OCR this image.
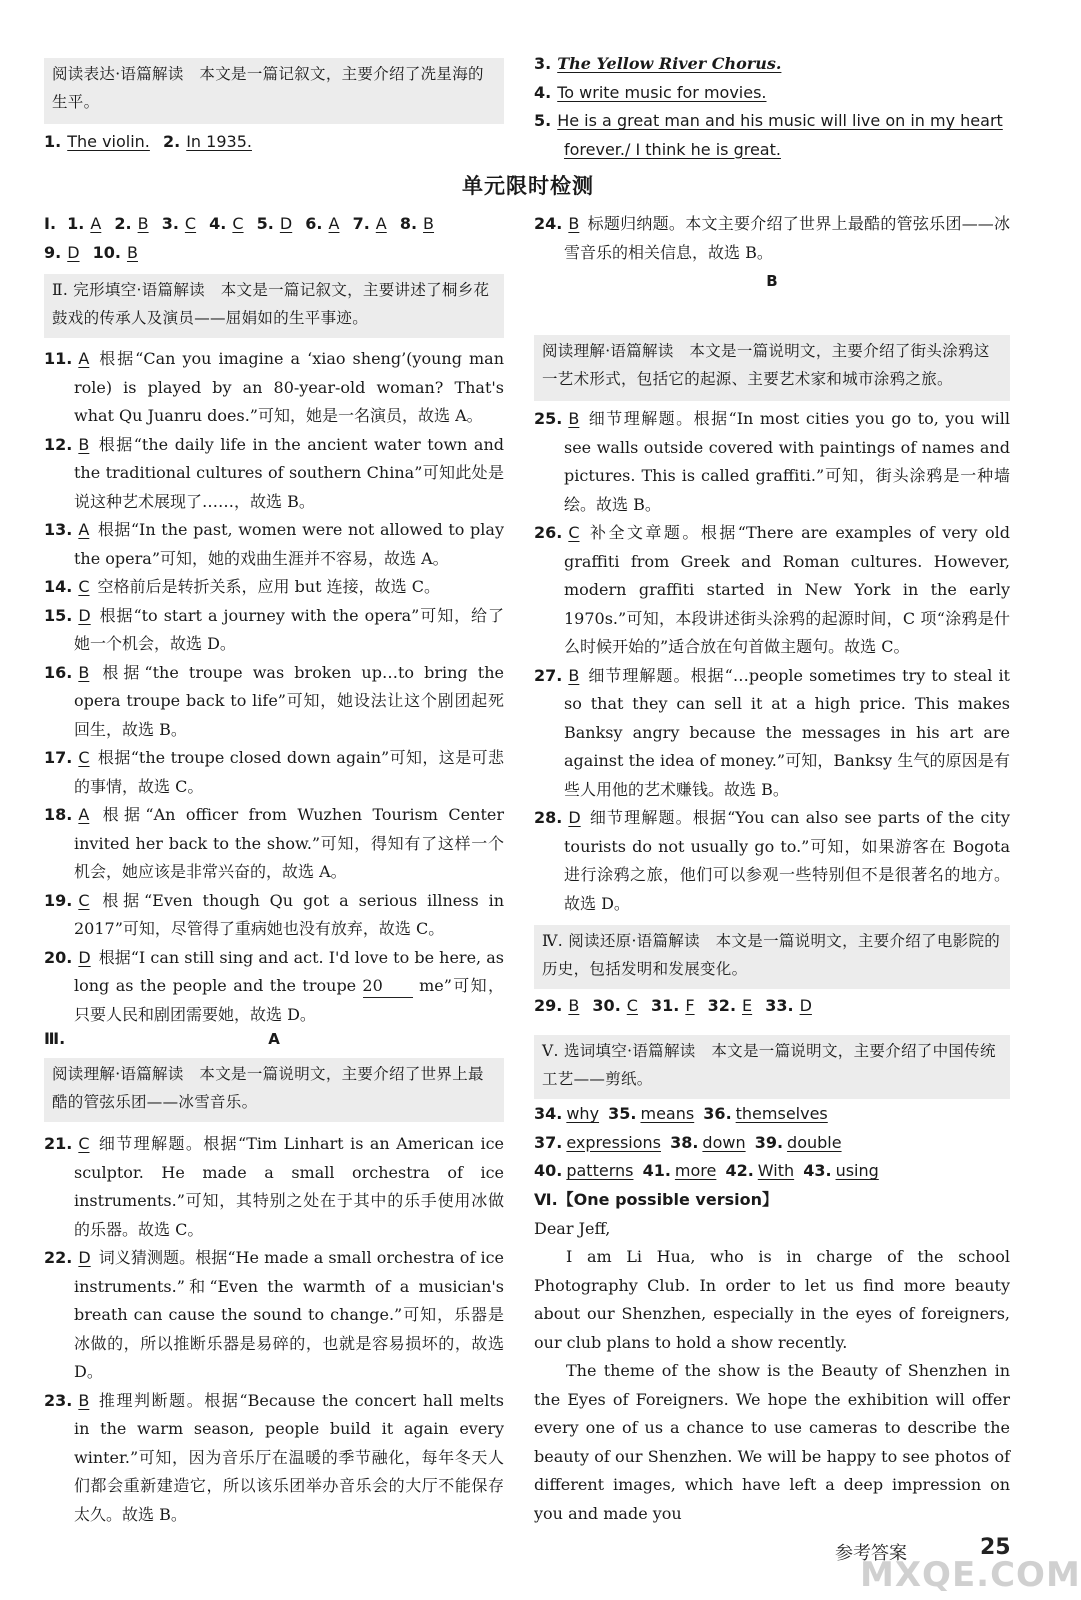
阅读表达·语篇解读　本文是一篇记叙文，主要介绍了冼星海的生平。
1. The violin. 2. In 1935.
Ⅰ. 1. A 2. B 3. C 4. C 5. D 6. A 7. A 8. B
9. D 10. B
Ⅱ. 完形填空·语篇解读　本文是一篇记叙文，主要讲述了桐乡花鼓戏的传承人及演员——屈娟如的生平事迹。
11. A 根据“Can you imagine a ‘xiao sheng’(young man role) is played by an 80-year-old woman? That's what Qu Juanru does.”可知，她是一名演员，故选 A。
12. B 根据“the daily life in the ancient water town and the traditional cultures of southern China”可知此处是说这种艺术展现了……，故选 B。
13. A 根据“In the past, women were not allowed to play the opera”可知，她的戏曲生涯并不容易，故选 A。
14. C 空格前后是转折关系，应用 but 连接，故选 C。
15. D 根据“to start a journey with the opera”可知，给了她一个机会，故选 D。
16. B 根据“the troupe was broken up…to bring the opera troupe back to life”可知，她设法让这个剧团起死回生，故选 B。
17. C 根据“the troupe closed down again”可知，这是可悲的事情，故选 C。
18. A 根据“An officer from Wuzhen Tourism Center invited her back to the show.”可知，得知有了这样一个机会，她应该是非常兴奋的，故选 A。
19. C 根据“Even though Qu got a serious illness in 2017”可知，尽管得了重病她也没有放弃，故选 C。
20. D 根据“I can still sing and act. I'd love to be here, as long as the people and the troupe 20 me”可知，只要人民和剧团需要她，故选 D。
Ⅲ.	A
阅读理解·语篇解读　本文是一篇说明文，主要介绍了世界上最酷的管弦乐团——冰雪音乐。
21. C 细节理解题。根据“Tim Linhart is an American ice sculptor. He made a small orchestra of ice instruments.”可知，其特别之处在于其中的乐手使用冰做的乐器。故选 C。
22. D 词义猜测题。根据“He made a small orchestra of ice instruments.”和“Even the warmth of a musician's breath can cause the sound to change.”可知，乐器是冰做的，所以推断乐器是易碎的，也就是容易损坏的，故选 D。
23. B 推理判断题。根据“Because the concert hall melts in the warm season, people build it again every winter.”可知，因为音乐厅在温暖的季节融化，每年冬天人们都会重新建造它，所以该乐团举办音乐会的大厅不能保存太久。故选 B。
3. The Yellow River Chorus.
4. To write music for movies.
5. He is a great man and his music will live on in my heart forever./ I think he is great.
24. B 标题归纳题。本文主要介绍了世界上最酷的管弦乐团——冰雪音乐的相关信息，故选 B。
B
阅读理解·语篇解读　本文是一篇说明文，主要介绍了街头涂鸦这一艺术形式，包括它的起源、主要艺术家和城市涂鸦之旅。
25. B 细节理解题。根据“In most cities you go to, you will see walls outside covered with paintings of names and pictures. This is called graffiti.”可知，街头涂鸦是一种墙绘。故选 B。
26. C 补全文章题。根据“There are examples of very old graffiti from Greek and Roman cultures. However, modern graffiti started in New York in the early 1970s.”可知，本段讲述街头涂鸦的起源时间，C 项“涂鸦是什么时候开始的”适合放在句首做主题句。故选 C。
27. B 细节理解题。根据“…people sometimes try to steal it so that they can sell it at a high price. This makes Banksy angry because the messages in his art are against the idea of money.”可知，Banksy 生气的原因是有些人用他的艺术赚钱。故选 B。
28. D 细节理解题。根据“You can also see parts of the city tourists do not usually go to.”可知，如果游客在 Bogota 进行涂鸦之旅，他们可以参观一些特别但不是很著名的地方。故选 D。
Ⅳ. 阅读还原·语篇解读　本文是一篇说明文，主要介绍了电影院的历史，包括发明和发展变化。
29. B 30. C 31. F 32. E 33. D
Ⅴ. 选词填空·语篇解读　本文是一篇说明文，主要介绍了中国传统工艺——剪纸。
34. why 35. means 36. themselves
37. expressions 38. down 39. double
40. patterns 41. more 42. With 43. using
Ⅵ.【One possible version】
Dear Jeff,
I am Li Hua, who is in charge of the school Photography Club. In order to let us find more beauty about our Shenzhen, especially in the eyes of foreigners, our club plans to hold a show recently.
The theme of the show is the Beauty of Shenzhen in the Eyes of Foreigners. We hope the exhibition will offer every one of us a chance to use cameras to describe the beauty of our Shenzhen. We will be happy to see photos of different images, which have left a deep impression on you and made you
单元限时检测
参考答案	25
MXQE.COM
